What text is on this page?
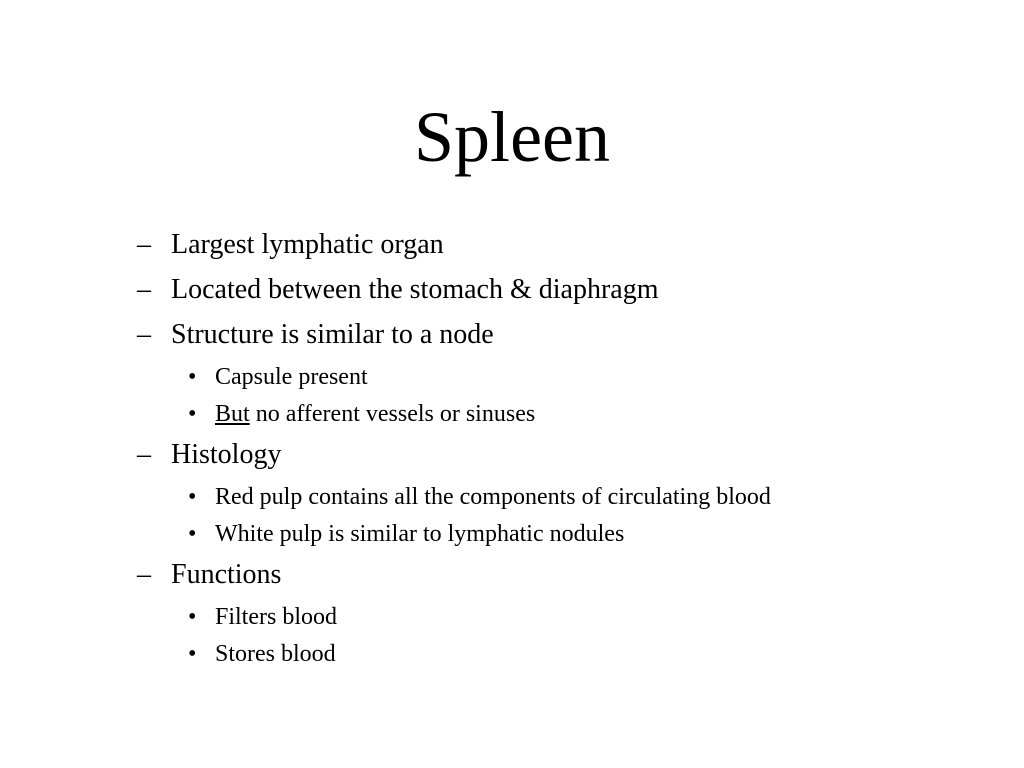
Spleen
– Largest lymphatic organ
– Located between the stomach & diaphragm
– Structure is similar to a node
• Capsule present
• But no afferent vessels or sinuses
– Histology
• Red pulp contains all the components of circulating blood
• White pulp is similar to lymphatic nodules
– Functions
• Filters blood
• Stores blood
